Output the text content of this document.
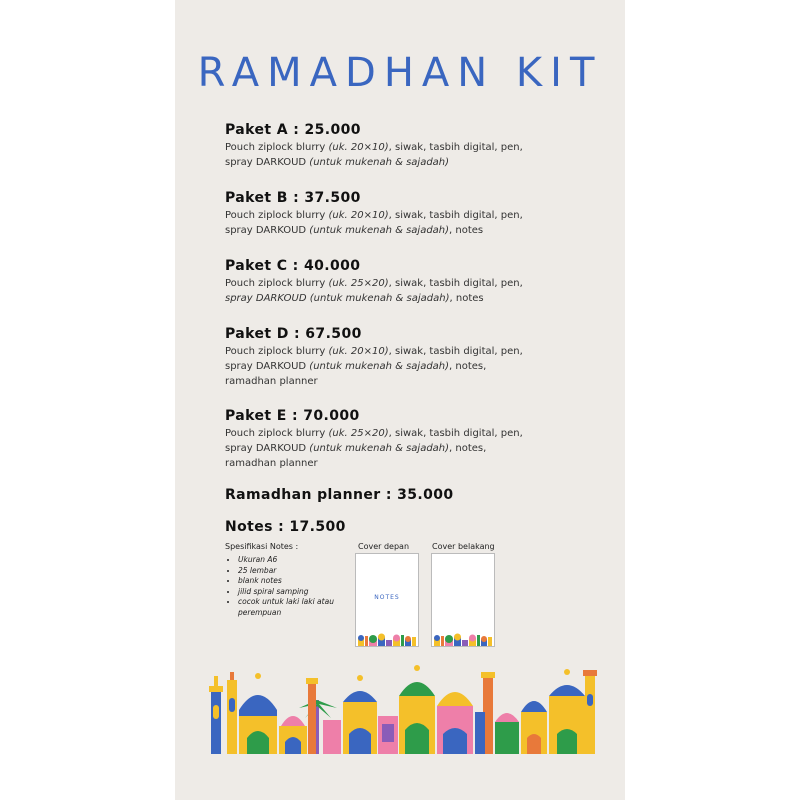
RAMADHAN KIT
Paket A : 25.000
Pouch ziplock blurry (uk. 20×10), siwak, tasbih digital, pen,
spray DARKOUD (untuk mukenah & sajadah)
Paket B : 37.500
Pouch ziplock blurry (uk. 20×10), siwak, tasbih digital, pen,
spray DARKOUD (untuk mukenah & sajadah), notes
Paket C : 40.000
Pouch ziplock blurry (uk. 25×20), siwak, tasbih digital, pen,
spray DARKOUD (untuk mukenah & sajadah), notes
Paket D : 67.500
Pouch ziplock blurry (uk. 20×10), siwak, tasbih digital, pen,
spray DARKOUD (untuk mukenah & sajadah), notes,
ramadhan planner
Paket E : 70.000
Pouch ziplock blurry (uk. 25×20), siwak, tasbih digital, pen,
spray DARKOUD (untuk mukenah & sajadah), notes,
ramadhan planner
Ramadhan planner : 35.000
Notes : 17.500
Spesifikasi Notes :
• Ukuran A6
• 25 lembar
• blank notes
• jilid spiral samping
• cocok untuk laki laki atau perempuan
Cover depan	Cover belakang
NOTES
